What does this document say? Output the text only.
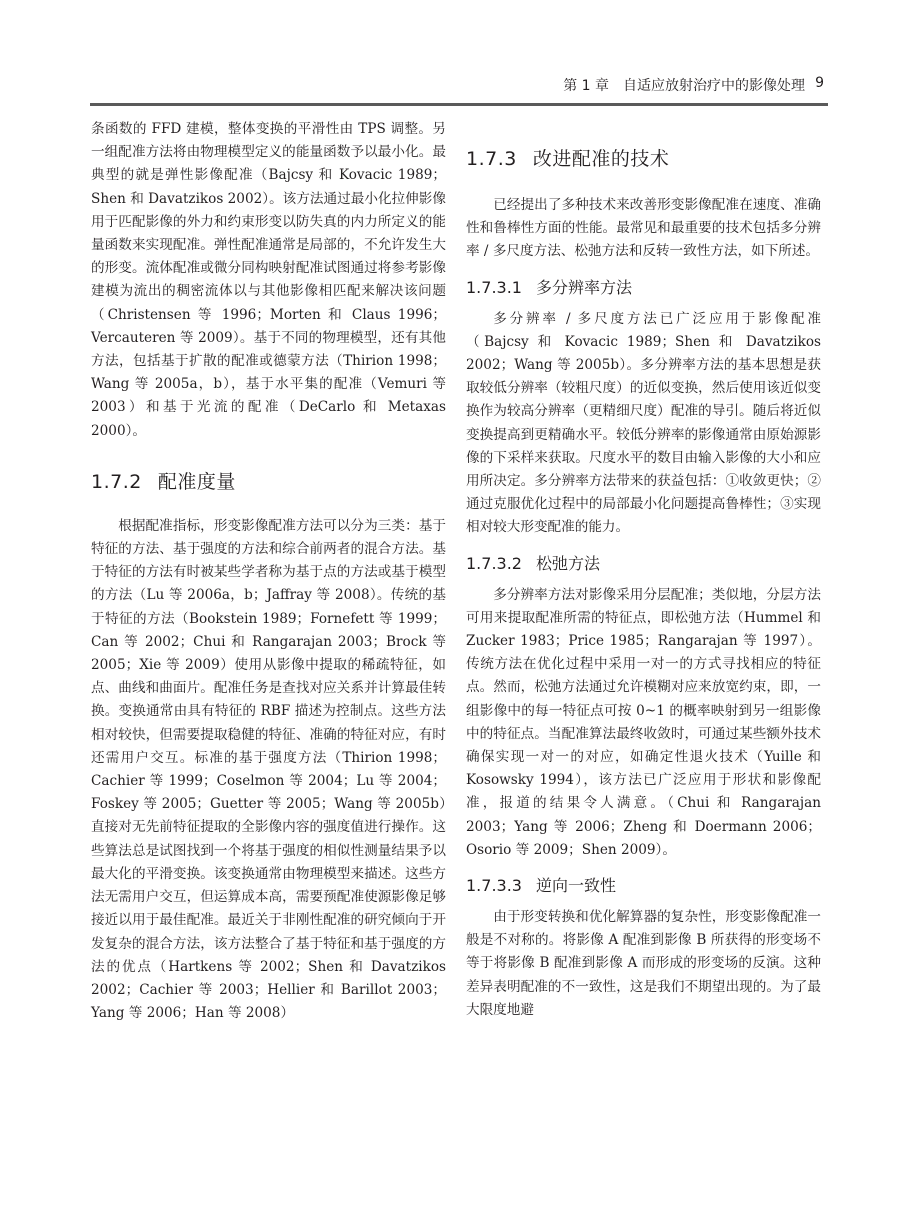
第 1 章　自适应放射治疗中的影像处理 9

条函数的 FFD 建模，整体变换的平滑性由 TPS 调整。另一组配准方法将由物理模型定义的能量函数予以最小化。最典型的就是弹性影像配准（Bajcsy 和 Kovacic 1989；Shen 和 Davatzikos 2002）。该方法通过最小化拉伸影像用于匹配影像的外力和约束形变以防失真的内力所定义的能量函数来实现配准。弹性配准通常是局部的，不允许发生大的形变。流体配准或微分同构映射配准试图通过将参考影像建模为流出的稠密流体以与其他影像相匹配来解决该问题（Christensen 等 1996；Morten 和 Claus 1996；Vercauteren 等 2009）。基于不同的物理模型，还有其他方法，包括基于扩散的配准或德蒙方法（Thirion 1998；Wang 等 2005a，b），基于水平集的配准（Vemuri 等 2003）和基于光流的配准（DeCarlo 和 Metaxas 2000）。

1.7.2 配准度量

根据配准指标，形变影像配准方法可以分为三类：基于特征的方法、基于强度的方法和综合前两者的混合方法。基于特征的方法有时被某些学者称为基于点的方法或基于模型的方法（Lu 等 2006a，b；Jaffray 等 2008）。传统的基于特征的方法（Bookstein 1989；Fornefett 等 1999；Can 等 2002；Chui 和 Rangarajan 2003；Brock 等 2005；Xie 等 2009）使用从影像中提取的稀疏特征，如点、曲线和曲面片。配准任务是查找对应关系并计算最佳转换。变换通常由具有特征的 RBF 描述为控制点。这些方法相对较快，但需要提取稳健的特征、准确的特征对应，有时还需用户交互。标准的基于强度方法（Thirion 1998；Cachier 等 1999；Coselmon 等 2004；Lu 等 2004；Foskey 等 2005；Guetter 等 2005；Wang 等 2005b）直接对无先前特征提取的全影像内容的强度值进行操作。这些算法总是试图找到一个将基于强度的相似性测量结果予以最大化的平滑变换。该变换通常由物理模型来描述。这些方法无需用户交互，但运算成本高，需要预配准使源影像足够接近以用于最佳配准。最近关于非刚性配准的研究倾向于开发复杂的混合方法，该方法整合了基于特征和基于强度的方法的优点（Hartkens 等 2002；Shen 和 Davatzikos 2002；Cachier 等 2003；Hellier 和 Barillot 2003；Yang 等 2006；Han 等 2008）

1.7.3 改进配准的技术

已经提出了多种技术来改善形变影像配准在速度、准确性和鲁棒性方面的性能。最常见和最重要的技术包括多分辨率 / 多尺度方法、松弛方法和反转一致性方法，如下所述。

1.7.3.1 多分辨率方法

多分辨率 / 多尺度方法已广泛应用于影像配准（Bajcsy 和 Kovacic 1989；Shen 和 Davatzikos 2002；Wang 等 2005b）。多分辨率方法的基本思想是获取较低分辨率（较粗尺度）的近似变换，然后使用该近似变换作为较高分辨率（更精细尺度）配准的导引。随后将近似变换提高到更精确水平。较低分辨率的影像通常由原始源影像的下采样来获取。尺度水平的数目由输入影像的大小和应用所决定。多分辨率方法带来的获益包括：①收敛更快；②通过克服优化过程中的局部最小化问题提高鲁棒性；③实现相对较大形变配准的能力。

1.7.3.2 松弛方法

多分辨率方法对影像采用分层配准；类似地，分层方法可用来提取配准所需的特征点，即松弛方法（Hummel 和 Zucker 1983；Price 1985；Rangarajan 等 1997）。传统方法在优化过程中采用一对一的方式寻找相应的特征点。然而，松弛方法通过允许模糊对应来放宽约束，即，一组影像中的每一特征点可按 0~1 的概率映射到另一组影像中的特征点。当配准算法最终收敛时，可通过某些额外技术确保实现一对一的对应，如确定性退火技术（Yuille 和 Kosowsky 1994），该方法已广泛应用于形状和影像配准，报道的结果令人满意。（Chui 和 Rangarajan 2003；Yang 等 2006；Zheng 和 Doermann 2006；Osorio 等 2009；Shen 2009）。

1.7.3.3 逆向一致性

由于形变转换和优化解算器的复杂性，形变影像配准一般是不对称的。将影像 A 配准到影像 B 所获得的形变场不等于将影像 B 配准到影像 A 而形成的形变场的反演。这种差异表明配准的不一致性，这是我们不期望出现的。为了最大限度地避
